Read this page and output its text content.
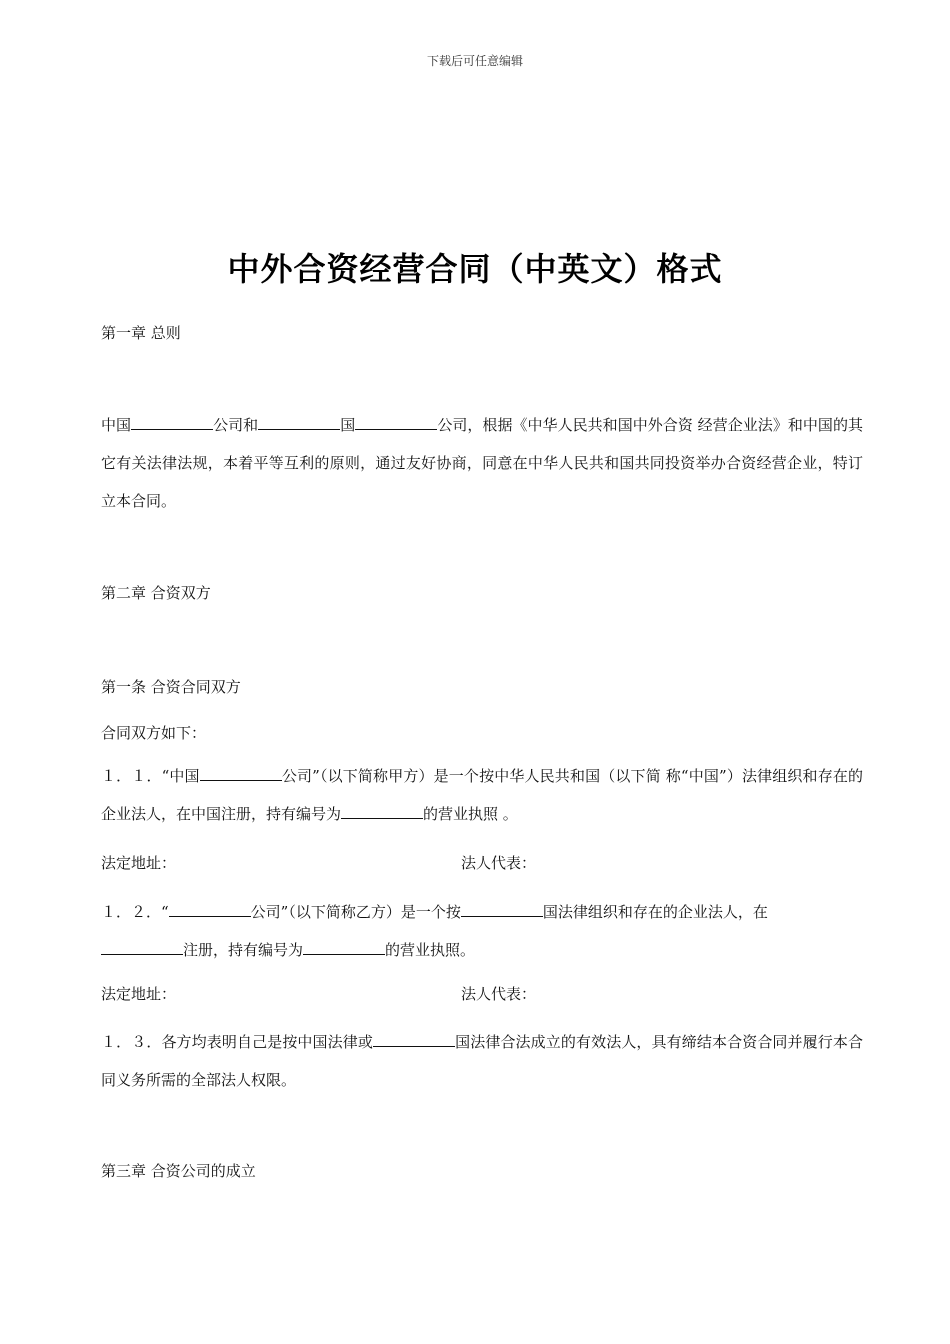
下载后可任意编辑
中外合资经营合同（中英文）格式
第一章 总则
中国	公司和	国	公司，根据《中华人民共和国中外合资 经营企业法》和中国的其它有关法律法规，本着平等互利的原则，通过友好协商，同意在中华人民共和国共同投资举办合资经营企业，特订立本合同。
第二章 合资双方
第一条 合资合同双方
合同双方如下：
１．１．“中国	公司”（以下简称甲方）是一个按中华人民共和国（以下简 称“中国”）法律组织和存在的企业法人，在中国注册，持有编号为	的营业执照 。
法定地址：	法人代表：
１．２．“	公司”（以下简称乙方）是一个按	国法律组织和存在的企业法人，在
注册，持有编号为	的营业执照。
法定地址：	法人代表：
１．３．各方均表明自己是按中国法律或	国法律合法成立的有效法人，具有缔结本合资合同并履行本合同义务所需的全部法人权限。
第三章 合资公司的成立
